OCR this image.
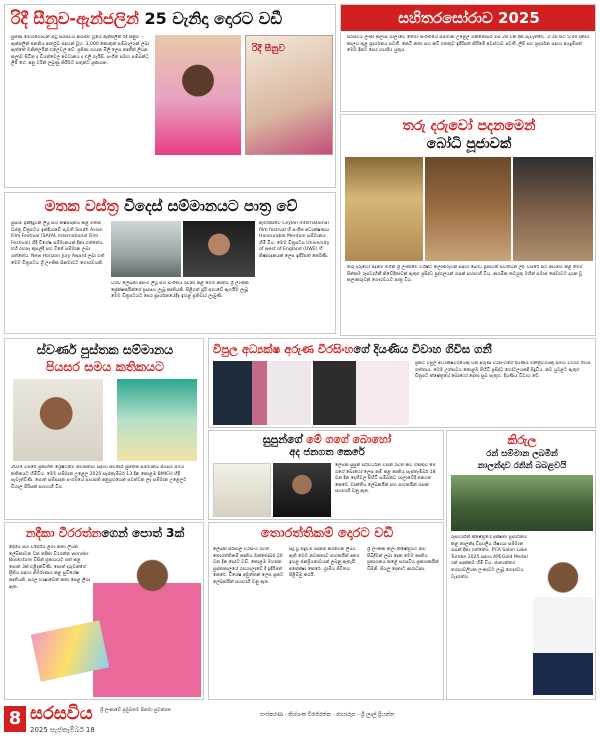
රිදී සීනුව-ඇන්ජලින් 25 වැනිදා දොරට වඩී
පුජිණ මොරගොඩින් මිටු සරසවිය ආරම්භ වූයේ ඇන්ජලින් රිදී සීනුව - ඇන්ජලින් ජනනිය ආර්තුව සඳහන් වූහ. 3,000 කොතුක් සම්බාලයන් ලබා ඇත්තේ ඔනින්ලයින් එලෙවල් වේ. ප්‍රජිණ ගායක මිලි ලෙස කෘතීන් ලියන කලාව සිටින ද වියත්වෙල අවධානය ද එලි ගැයිසි. සංගීත සමඟ සම්බන්ධ ලිපි ගේ. අනු වරින් ලබුණු කිරීමට සතුන්ට ප්‍රකාශන.
රිදී සීනුව
සහිතරසෝරාව 2025
සරසවිය ලංකා කලාප ශාලාවේ තේමා සංගීතයේ සම්මාන උළෙල ඔක්තෝබර් මස 28 වන දින පැවැත්වේ. 2:30 සිට 5:00 දක්වා කාලය තුළ ප්‍රදර්ශනය පවතී. කෙටි කතා සහ කවි එකතුව ඉදිරිපත් කිරීමේ අවස්ථාව පවතී. ලිපි සහ ප්‍රදර්ශන සඳහා අයදුම්පත් මෙම දිනට පෙර භාරදිය යුතුය.
තරු දරුවෝ පදනමෙන්
බෝධි පූජාවක්
තරු දරුවෝ පදනම මගින් ශ්‍රී ලංකාවේ විශිෂ්ට කලාකරුවන් සඳහා බෝධි පූජාවක් පවත්වන ලදී. වසරේ සිට ආරම්භ කළ මෙම පින්කම රූපවාහිනී නිවේදිකාවන් ඇතුළු ප්‍රසිද්ධ පුද්ගලයන් රැසක් සහභාගී විය. ආගමික කටයුතු මගින් සමාජ සේවාවට දායක වූ කලාකරුවන් ගෞරවයට පාත්‍ර විය.
මතක වස්ත්‍ර විදෙස් සම්මානයට පාත්‍ර වේ
පුසාමි ඉන්දිදුවන් ලියූ සහ නිෂ්පාදනය කළ මතක වස්ත්‍ර චිත්‍රපටය ඉන්දියාවේ පැවති South Asian Film Festival (SAFAL International Film Festival) හිදී විශේෂ සම්මානයක් දිනා ගත්තේය. එහි රඟපෑ කුසල්දි සහ විජේ සම්මාන ලබා ගත්තේය. New Horizon Jury Award ලබා ගත් මෙම චිත්‍රපටය ශ්‍රී ලාංකික සිනමාවට ගෞරවයකි.
විශ්ව ලේඛනා අසංග ලියූ සහ සංගීතය රචනා කළ මෙම කෘතිය ශ්‍රී ලාංකික ප්‍රේක්ෂකයින්ගේ ප්‍රසාදය ලැබූ කෘතියකි. පිළිගත් ජූරි සභාවේ ඇගයීම ලැබූ මෙම චිත්‍රපටයට පෙර ප්‍රදර්ශනයේදීද ඉහළ ප්‍රතිචාර ලැබුණි.
ඇමරිකාවේ Ceylon International film festival හි සංගීත අධ්‍යක්ෂණය Honourable Mention සම්මානය හිමි විය. මෙම චිත්‍රපටය University of west of England (UWE) හි නිෂ්පාදනයක් ලෙස ඉදිරිපත් කෙරිණි.
ස්වර්ණ පුස්තක සම්මානය
පියසර සමය කතිකයට
2024 වසරේ ප්‍රකාශිත ශ්‍රේෂ්ඨතම නවකතාව සඳහා ස්වර්ණ පුස්තක සම්මානය පියසර සමය කතිකයට හිමිවිය. මෙම සම්මාන උළෙල 2025 සැප්තැම්බර් 13 දින කොළඹ BMICH හිදී පැවැත්විණි. පොත් සම්පාදන සංගමයේ සභාපති අනුග්‍රහයෙන් පවත්වන ලද සම්මාන උළෙලට විශාල පිරිසක් සහභාගී විය.
විපුල අධ්‍යක්ෂ අරුණ වීරසිංහගේ දියණිය විවාහ ගිවිස ගනී
ප්‍රකට විපුල අධ්‍යක්ෂවරයෙකු වන අරුණ වීරසිංහගේ දියණිය මන්ත්‍රීවරයකු සමඟ විවාහ ගිවිස ගත්තාය. මෙම උත්සවය කොළඹ පිහිටි ප්‍රසිද්ධ හෝටලයකදී සිදුවිය. නව යුවළට ඇතුළු චිත්‍රපට ක්ෂේත්‍රයේ බොහෝ දෙනා සුබ පැතූහ. දියණිය විවාහ වේ.
සුපුන්ගේ මේ ගගේ බොහෝ
අද ජනගත කෙරේ
ලේඛක සුපුන් සිරිවර්ධන විසින් රචිත කවි එකතුව මේ ගගේ බොහෝ ලෙස නම් කළ කෘතිය සැප්තැම්බර් 18 වන දින දෙහිවල පිහිටි සම්බන්ධ ශාලාවේදී ජනගත කෙරේ. වෘත්තීය ලේඛකයින් සහ පාඨකයින් රැසක් සහභාගී වනු ඇත.
කිරුල
රන් සම්මාන ලබමින්
නාලන්දාව රනින් බබළවයි
රූපවාහිනී ක්ෂේත්‍රයේ දක්ෂතා ප්‍රදර්ශනය කළ නාලන්දා විද්‍යාලීය ශිෂ්‍යයා සම්මාන රැසක් දිනා ගත්තේය. PCA Salon Lake Tumbe 2025 සඳහා APEGold Medal රන් පදක්කම හිමි විය. ජාත්‍යන්තර තරඟාවලියක ලංකාවට ලැබූ ගෞරවය වැදගත්ය.
නදීකා වීරරත්නගෙන් පොත් 3ක්
දේශීය සහ විදේශීය ළමා කතා ලියන ලේඛිකාවක වන නදීකා වීරරත්න wonder Bookstore විසින් ප්‍රකාශයට පත් කළ පොත් 3ක් එළිදැක්විණි. පොත් දරුවන්ගේ ප්‍රීතිය සඳහා නිර්මාණය කළ සුවිශේෂ කෘතියකි. සරල භාෂාවෙන් කතා පෙළ ලියා ඇත.
තොරත්තිකම් දොරට වඩී
ලේඛක සිරිපාල වීරසිංහ රචිත තොරත්තිකම් කෘතිය ඔක්තෝබර් 20 වන දින දොරට වඩී. කොළඹ මහජන පුස්තකාලයේ රඟශාලාවේ දී ඉදිරිපත් කෙරේ. විශේෂ අමුත්තන් ලෙස ප්‍රකට ලේඛකයින් සහභාගී වනු ඇත.
සිදු වූ සිදුවීම් පදනම් කරගෙන ලියවී ඇති මෙම නවකතාව පාඨකයින් අතර ඉහළ ජනප්‍රියතාවයක් ලබනු ඇතැයි අපේක්ෂා කෙරේ. ග්‍රාමීය ජීවිතය පිළිබිඹු කරයි.
ශ්‍රී ලාංකික කලා ක්ෂේත්‍රයට නව පිබිදීමක් ලබා දෙන මෙම කෘතිය ප්‍රකාශනය කළේ සරසවිය ප්‍රකාශකයින් විසිනි. සියලු දෙනාට ආරාධනා.
8 සරසවිය ශ්‍රී ලංකාවේ ප්‍රමුඛතම සිනමා පුවත්පත
2025 සැප්තැම්බර් 18
සංස්කරණ - නිශ්ශංක විජේරත්න · ඡායාරූප - ශ්‍රී ලාල් ප්‍රියන්ත
